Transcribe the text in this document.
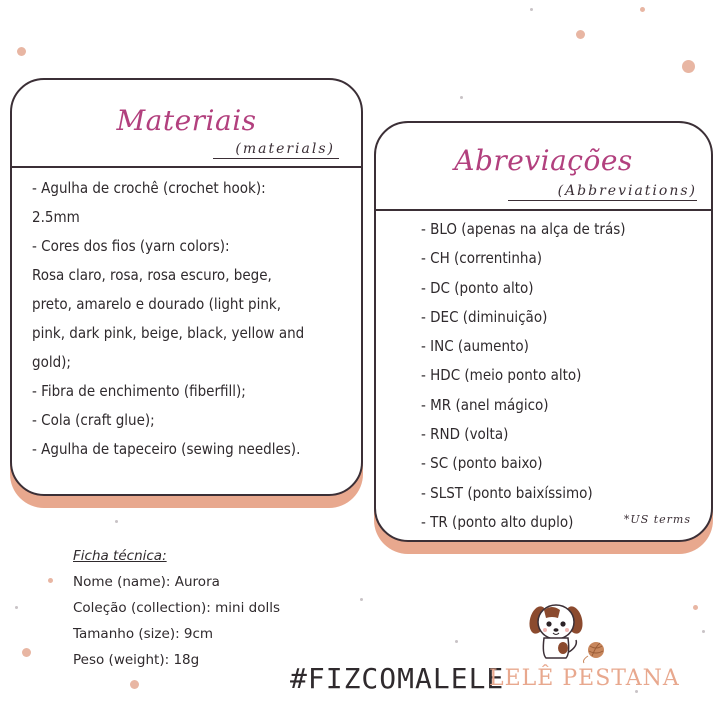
Materiais
(materials)
- Agulha de crochê (crochet hook):
2.5mm
- Cores dos fios (yarn colors):
Rosa claro, rosa, rosa escuro, bege,
preto, amarelo e dourado (light pink,
pink, dark pink, beige, black, yellow and
gold);
- Fibra de enchimento (fiberfill);
- Cola (craft glue);
- Agulha de tapeceiro (sewing needles).
Abreviações
(Abbreviations)
- BLO (apenas na alça de trás)
- CH (correntinha)
- DC (ponto alto)
- DEC (diminuição)
- INC (aumento)
- HDC (meio ponto alto)
- MR (anel mágico)
- RND (volta)
- SC (ponto baixo)
- SLST (ponto baixíssimo)
- TR (ponto alto duplo)	*US terms
Ficha técnica:
Nome (name): Aurora
Coleção (collection): mini dolls
Tamanho (size): 9cm
Peso (weight): 18g
#FIZCOMALELE
LELÊ PESTANA
